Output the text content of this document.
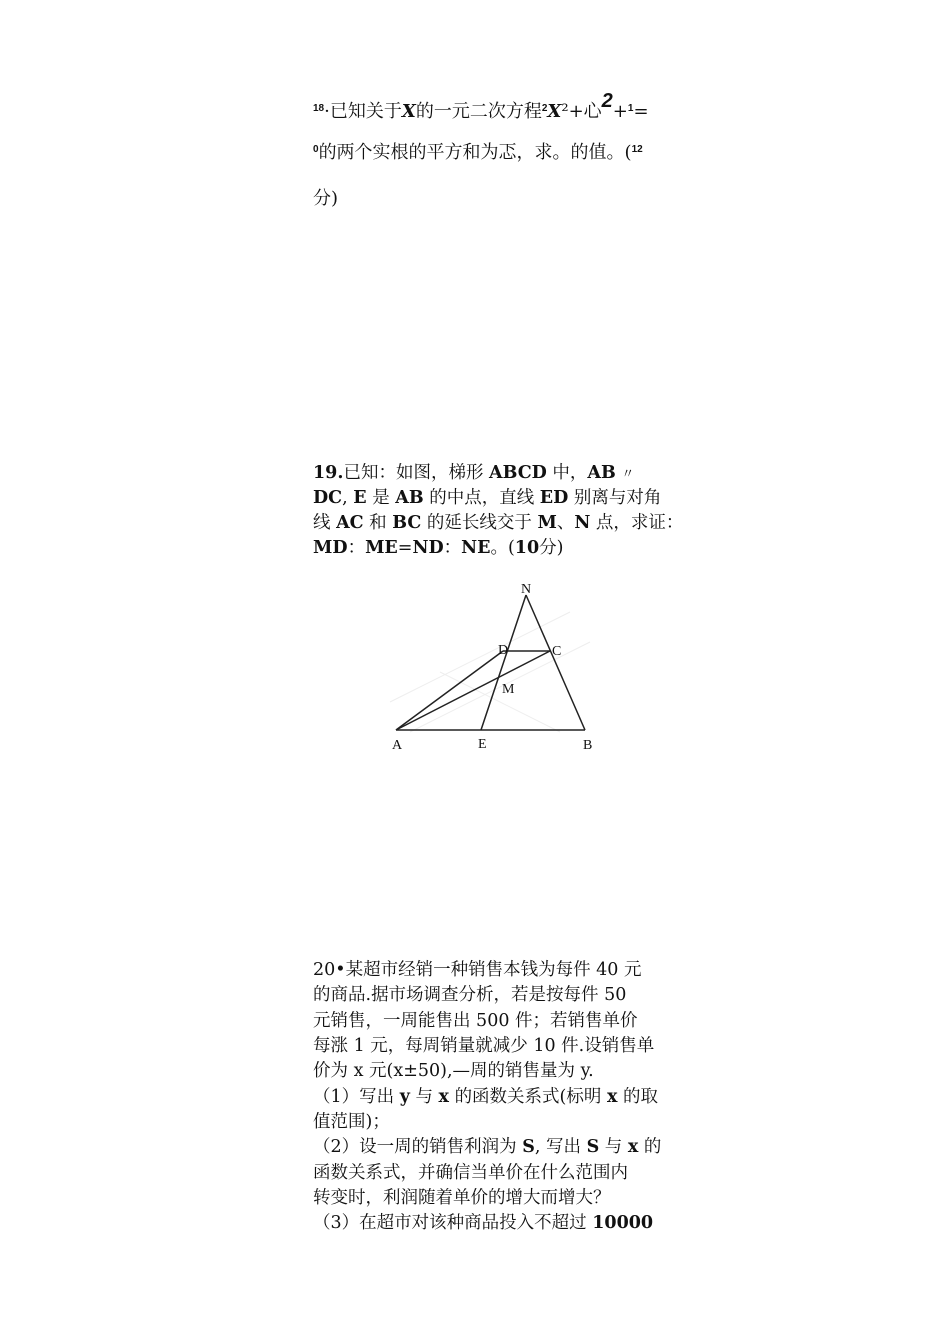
$^{18}$·已知关于X的一元二次方程$^2$X²+心2+$^1$=
$^0$的两个实根的平方和为忑，求。的值。($^{12}$
分)
19.已知：如图，梯形 ABCD 中，AB 〃
DC, E 是 AB 的中点，直线 ED 别离与对角
线 AC 和 BC 的延长线交于 M、N 点，求证：
MD：ME=ND：NE。(10分)
N
D	C
M
A	E	B
20•某超市经销一种销售本钱为每件 40 元
的商品.据市场调查分析，若是按每件 50
元销售，一周能售出 500 件；若销售单价
每涨 1 元，每周销量就减少 10 件.设销售单
价为 x 元(x±50),—周的销售量为 y.
（1）写出 y 与 x 的函数关系式(标明 x 的取
值范围)；
（2）设一周的销售利润为 S, 写出 S 与 x 的
函数关系式，并确信当单价在什么范围内
转变时，利润随着单价的增大而增大？
（3）在超市对该种商品投入不超过 10000
